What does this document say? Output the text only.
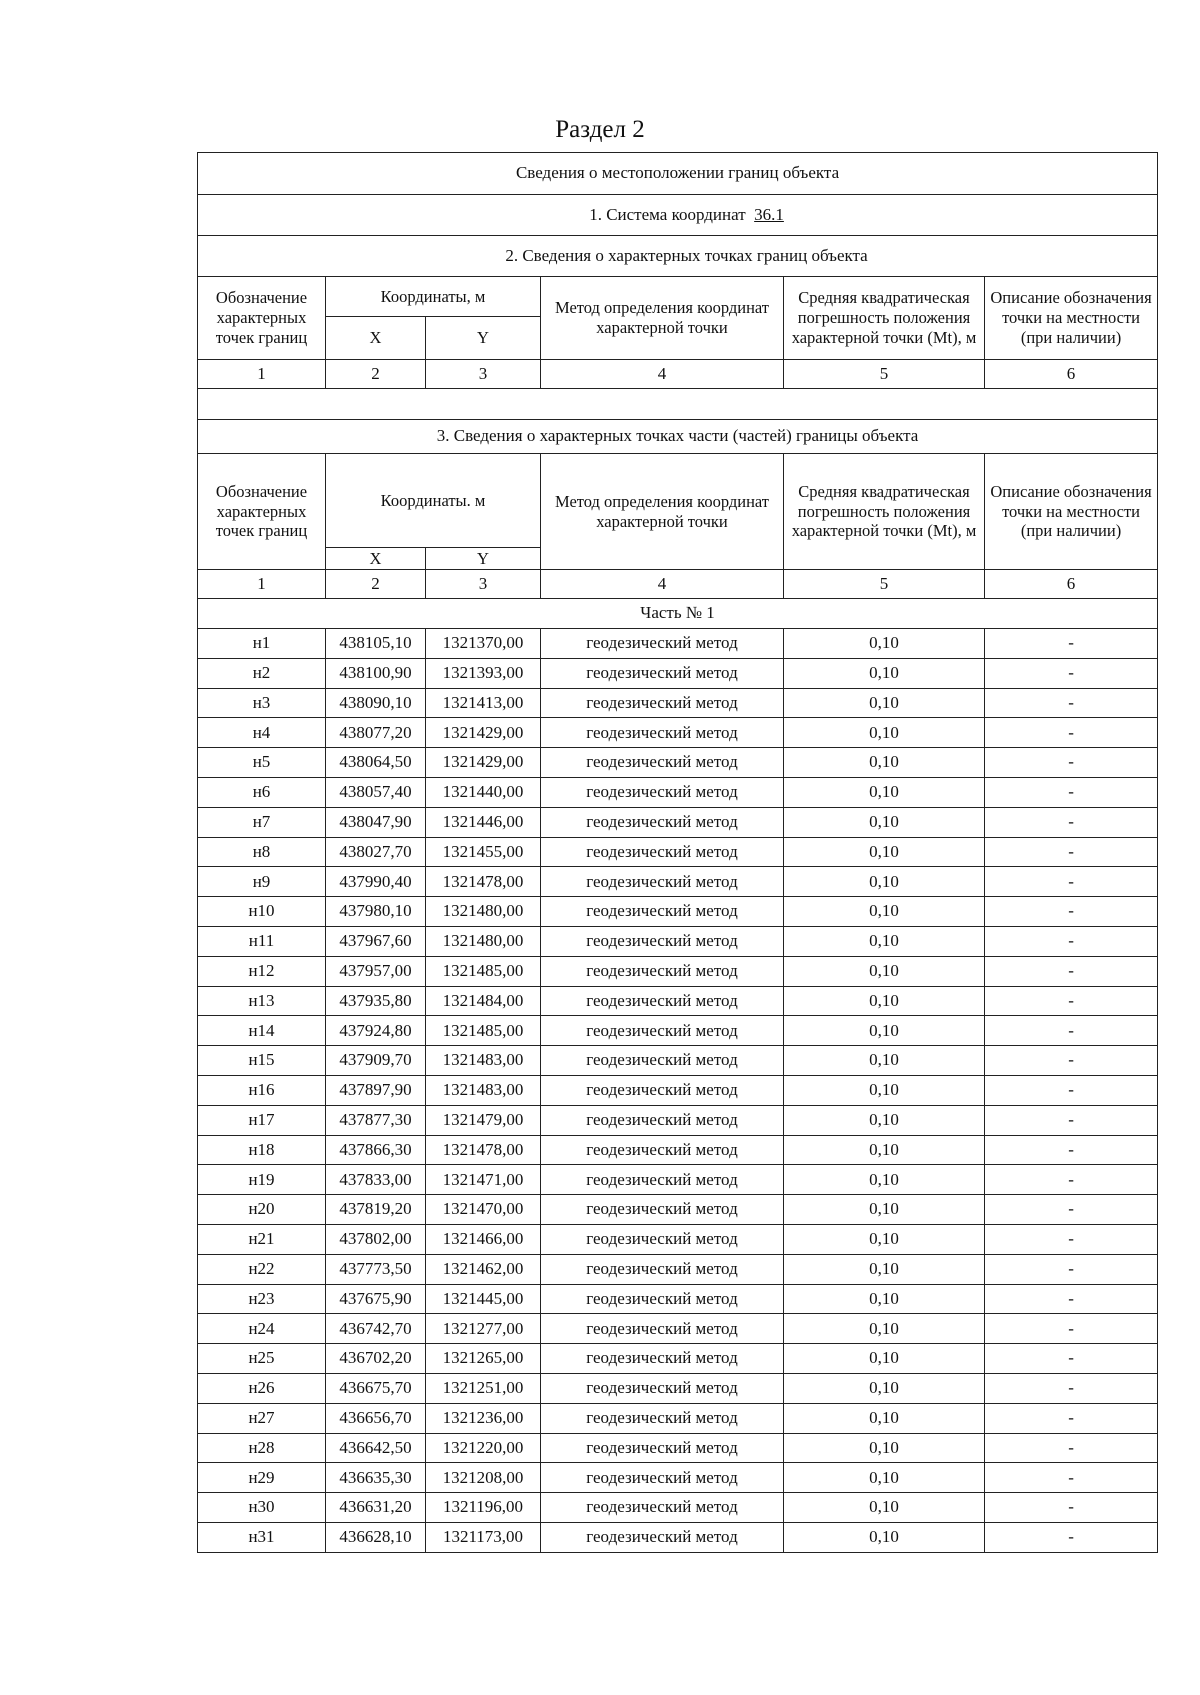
Раздел 2
Сведения о местоположении границ объекта					
1. Система координат 36.1					
2. Сведения о характерных точках границ объекта					
Обозначение характерных точек границ	Координаты, м		Метод определения координат характерной точки	Средняя квадратическая погрешность положения характерной точки (Mt), м	Описание обозначения точки на местности (при наличии)
	X	Y			
1	2	3	4	5	6

3. Сведения о характерных точках части (частей) границы объекта					
Обозначение характерных точек границ	Координаты. м		Метод определения координат характерной точки	Средняя квадратическая погрешность положения характерной точки (Mt), м	Описание обозначения точки на местности (при наличии)
	X	Y			
1	2	3	4	5	6
Часть № 1					
н1	438105,10	1321370,00	геодезический метод	0,10	-
н2	438100,90	1321393,00	геодезический метод	0,10	-
н3	438090,10	1321413,00	геодезический метод	0,10	-
н4	438077,20	1321429,00	геодезический метод	0,10	-
н5	438064,50	1321429,00	геодезический метод	0,10	-
н6	438057,40	1321440,00	геодезический метод	0,10	-
н7	438047,90	1321446,00	геодезический метод	0,10	-
н8	438027,70	1321455,00	геодезический метод	0,10	-
н9	437990,40	1321478,00	геодезический метод	0,10	-
н10	437980,10	1321480,00	геодезический метод	0,10	-
н11	437967,60	1321480,00	геодезический метод	0,10	-
н12	437957,00	1321485,00	геодезический метод	0,10	-
н13	437935,80	1321484,00	геодезический метод	0,10	-
н14	437924,80	1321485,00	геодезический метод	0,10	-
н15	437909,70	1321483,00	геодезический метод	0,10	-
н16	437897,90	1321483,00	геодезический метод	0,10	-
н17	437877,30	1321479,00	геодезический метод	0,10	-
н18	437866,30	1321478,00	геодезический метод	0,10	-
н19	437833,00	1321471,00	геодезический метод	0,10	-
н20	437819,20	1321470,00	геодезический метод	0,10	-
н21	437802,00	1321466,00	геодезический метод	0,10	-
н22	437773,50	1321462,00	геодезический метод	0,10	-
н23	437675,90	1321445,00	геодезический метод	0,10	-
н24	436742,70	1321277,00	геодезический метод	0,10	-
н25	436702,20	1321265,00	геодезический метод	0,10	-
н26	436675,70	1321251,00	геодезический метод	0,10	-
н27	436656,70	1321236,00	геодезический метод	0,10	-
н28	436642,50	1321220,00	геодезический метод	0,10	-
н29	436635,30	1321208,00	геодезический метод	0,10	-
н30	436631,20	1321196,00	геодезический метод	0,10	-
н31	436628,10	1321173,00	геодезический метод	0,10	-
